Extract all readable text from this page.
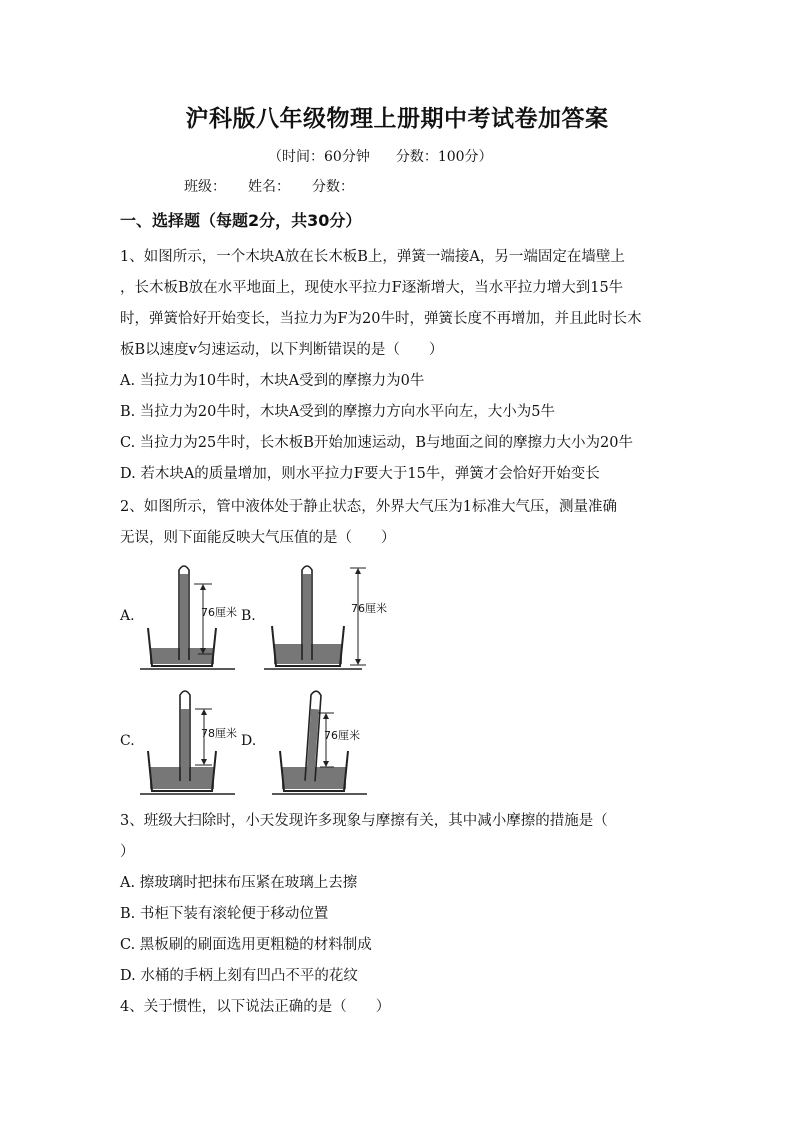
沪科版八年级物理上册期中考试卷加答案
（时间：60分钟 分数：100分）
班级： 姓名： 分数：
一、选择题（每题2分，共30分）
1、如图所示，一个木块A放在长木板B上，弹簧一端接A，另一端固定在墙壁上
，长木板B放在水平地面上，现使水平拉力F逐渐增大，当水平拉力增大到15牛
时，弹簧恰好开始变长，当拉力为F为20牛时，弹簧长度不再增加，并且此时长木
板B以速度v匀速运动，以下判断错误的是（　　）
A. 当拉力为10牛时，木块A受到的摩擦力为0牛
B. 当拉力为20牛时，木块A受到的摩擦力方向水平向左，大小为5牛
C. 当拉力为25牛时，长木板B开始加速运动，B与地面之间的摩擦力大小为20牛
D. 若木块A的质量增加，则水平拉力F要大于15牛，弹簧才会恰好开始变长
2、如图所示，管中液体处于静止状态，外界大气压为1标准大气压，测量准确
无误，则下面能反映大气压值的是（　　）
A.	B.
C.	D.
76厘米	76厘米
78厘米	76厘米
3、班级大扫除时，小天发现许多现象与摩擦有关，其中减小摩擦的措施是（
）
A. 擦玻璃时把抹布压紧在玻璃上去擦
B. 书柜下装有滚轮便于移动位置
C. 黑板刷的刷面选用更粗糙的材料制成
D. 水桶的手柄上刻有凹凸不平的花纹
4、关于惯性，以下说法正确的是（　　）
